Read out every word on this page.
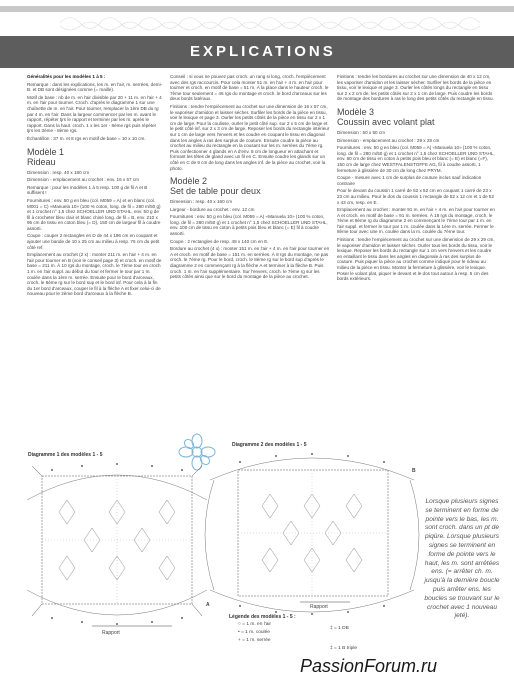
EXPLICATIONS

Généralités pour les modèles 1 à 5 :

Remarque : dans les explications, les m. en l'air, m. serrées, demi-B. et DB sont désignées comme (= maille).

Motif de base : nb de m. en l'air divisible par 20 + 11 m. en l'air + 4 m. en l'air pour tourner. Croch. d'après le diagramme 1 sur une chaînette de m. en l'air. Pour tourner, remplacer la 1ère DB du rg par 4 m. en l'air. Dans la largeur commencer par les m. avant le rapport, répéter tjrs le rapport et terminer par les m. après le rapport. Dans la haut. croch. 1 x les 1er - 8ème rgs puis répéter tjrs les 3ème - 8ème rgs.

Échantillon : 37 m. et 8 rgs en motif de base = 10 x 10 cm.

Modèle 1
Rideau

Dimension : resp. 40 x 180 cm

Dimension - emplacement au crochet : env. 16 x 57 cm

Remarque : pour les modèles 1 à 5 resp. 100 g de fil A et B suffisent !

Fournitures : env. 50 g en bleu (col. M059 = A) et en blanc (col. M001 = C) «Manuela 10» (100 % coton, long. de fil = 280 m/50 g) et 1 crochet n° 1,5 chez SCHOELLER UND STAHL, env. 50 g de fil à crocheter bleu clair et blanc chiné long. de fil = B, env. 210 x 95 cm de tissu en coton bleu (= D), 150 cm de largeur fil à coudre assorti.

Coupe : couper 2 rectangles en D de 44 x 196 cm en coupant et ajouter une bande de 10 x 25 cm au milieu à resp. 76 cm du petit côté ref.

Emplacement au crochet (2 x) : monter 211 m. en l'air + 4 m. en l'air pour tourner en B (voir le conseil page 3) et croch. en motif de base = 211 m. À 10 rgs du montage, croch. le 7ème tour en croch 1 m. en l'air suppl. au début du tour et fermer le tour par 1 m. coulée dans la 1ère m. serrée. Ensuite pour le bord d'arceaux, croch. le 8ème rg sur le bord sup et le bord inf. Pour cela à la fin du 1er bord d'arceaux, couper le fil à la flèche A et fixer celui-ci de nouveau pour le 2ème bord d'arceaux à la flèche B.

Conseil : si vous ne pouvez pas croch. un rang si long, croch. l'empiècement avec des rgs raccourcis. Pour cela monter 51 m. en l'air + 4 m. en l'air pour tourner et croch. en motif de base = 51 m. À la place dans le hauteur croch. le 7ème tour seulement = 46 rgs du montage et croch. le bord d'arceaux sur les deux bords latéraux.

Finitions : tendre l'empiècement au crochet sur une dimension de 16 x 57 cm, le vaporiser d'amidon et laisser sécher. Surfiler les bords de la pièce en tissu, voir le lexique et page 3. Ourler les petits côtés de la pièce en tissu sur 2 x 1 cm de large. Pour la coulisse, ourler le petit côté sup. sur 2 x 5 cm de large et le petit côté inf. sur 2 x 3 cm de large. Reposer les bords du rectangle intérieur sur 1 cm de large vers l'envers et les coudre en coupant le tissu en diagonal dans les angles à ras des surplus de couture. Ensuite coudre la pièce au crochet au milieu du rectangle en la cousant sur les m. serrées du 7ème rg. Puis confectionner 4 glands en A d'env. 8 cm de longueur en attachant et formant les têtes de gland avec un fil en C. Ensuite coudre les glands sur un côté en C de 9 cm de long dans les angles inf. de la pièce au crochet, voir la photo.

Modèle 2
Set de table pour deux

Dimension : resp. 40 x 160 cm

Largeur - bordure au crochet : env. 12 cm

Fournitures : env. 50 g en bleu (col. M059 = A) «Manuela 10» (100 % coton, long. de fil = 280 m/50 g) et 1 crochet n° 1,5 chez SCHOELLER UND STAHL, env. 100 cm de tissu en coton à petits pois bleu et blanc (= E) fil à coudre assorti.

Coupe : 2 rectangles de resp. 48 x 140 cm en E.

Bordure au crochet (4 x) : monter 151 m. en l'air + 4 m. en l'air pour tourner en A et croch. en motif de base = 151 m. en serrées. À 8 rgs du montage, ne pas croch. le 7ème rg. Pour le bord, croch. le 8ème rg sur le bord sup d'après le diagramme 2 en commençant rg à la flèche A et terminer à la flèche B. Puis croch. 1 m. en l'air supplémentaire. Sur l'envers, croch. le 7ème rg sur les petits côtés ainsi que sur le bord du montage de la pièce au crochet.

Finitions : tendre les bordures au crochet sur une dimension de 40 x 12 cm, les vaporiser d'amidon et les laisser sécher. Surfiler les bords de la pièce en tissu, voir le lexique et page 3. Ourler les côtés longs du rectangle en tissu sur 2 x 2 cm de, les petits côtés sur 2 x 1 cm de large. Puis coudre les bords de montage des bordures à ras le long des petits côtés du rectangle en tissu.

Modèle 3
Coussin avec volant plat

Dimension : 50 x 50 cm

Dimension - emplacement au crochet : 29 x 29 cm

Fournitures : env. 50 g en bleu (col. M059 = A) «Manuela 10» (100 % coton, long. de fil = 280 m/50 g) et 1 crochet n° 1,5 chez SCHOELLER UND STAHL, env. 60 cm de tissu en coton à petits pois bleu et blanc (= E) et blanc (=F), 150 cm de large chez WESTFALENSTOFFE AG, fil à coudre assorti, 1 fermeture à glissière de 30 cm de long chez PRYM.

Coupe - mesure avec 1 cm de surplus de couture inclus sauf indication contraire

Pour le devant du coussin 1 carré de 52 x 52 cm en coupant 1 carré de 23 x 23 cm au milieu. Pour le dos du coussin 1 rectangle de 52 x 12 cm et 1 de 52 x 43 cm, resp. en E.

Emplacement au crochet : monter 91 m. en l'air + 4 m. en l'air pour tourner en A et croch. en motif de base = 91 m. serrées. À 18 rgs du montage, croch. le 7ème et 8ème rg du diagramme 2 en commençant le 7ème tour par 1 m. en l'air suppl. et fermer le tour par 1 m. coulée dans la 1ère m. serrée. Fermer le 8ème tour avec une m. coulée dans la m. coulée du 7ème tour.

Finitions : tendre l'empiècement au crochet sur une dimension de 29 x 29 cm, le vaporiser d'amidon et laisser sécher. Ourler tous les bords du tissu, voir le lexique. Reposer les bords du rectangle sur 1 cm vers l'envers et les coudre en entaillant le tissu dans les angles en diagonale à ras des surplus de couture. Puis piquer la pièce au crochet comme indiqué pour le rideau au milieu de la pièce en tissu. Monter la fermeture à glissière, voir le lexique. Poser le volant plat, piquer le devant et le dos tout autour à resp. 5 cm des bords extérieurs.

Diagramme 1 des modèles 1 - 5
Rapport
Diagramme 2 des modèles 1 - 5
Rapport
A
B
Lorsque plusieurs signes se terminent en forme de pointe vers le bas, les m. sont croch. dans un pt de piqûre. Lorsque plusieurs signes se terminent en forme de pointe vers le haut, les m. sont arrêtées ens. (= arrêter ch. m. jusqu'à la dernière boucle puis arrêter ens. les boucles se trouvant sur le crochet avec 1 nouveau jeté).
Légende des modèles 1 - 5 :
○ = 1 m. en l'air
• = 1 m. coulée
+ = 1 m. serrée
‡ = 1 DB
‡ = 1 B triple
PassionForum.ru
